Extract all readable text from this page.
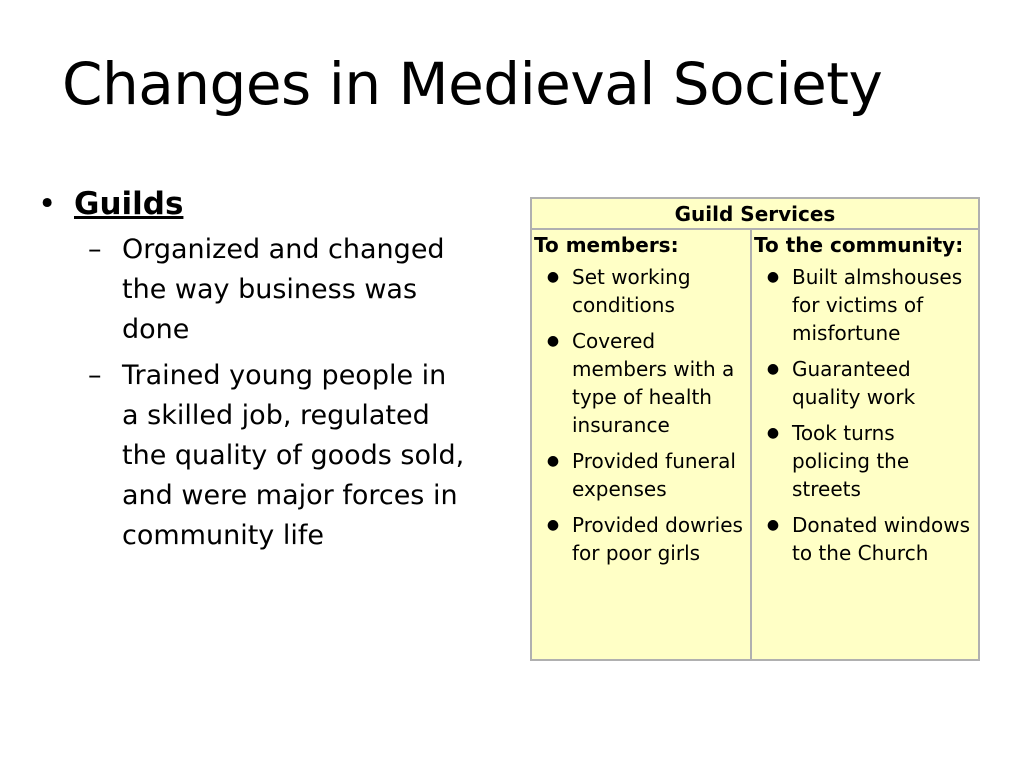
Changes in Medieval Society
• Guilds
– Organized and changed the way business was done
– Trained young people in a skilled job, regulated the quality of goods sold, and were major forces in community life
Guild Services
To members:
● Set working conditions
● Covered members with a type of health insurance
● Provided funeral expenses
● Provided dowries for poor girls
To the community:
● Built almshouses for victims of misfortune
● Guaranteed quality work
● Took turns policing the streets
● Donated windows to the Church
